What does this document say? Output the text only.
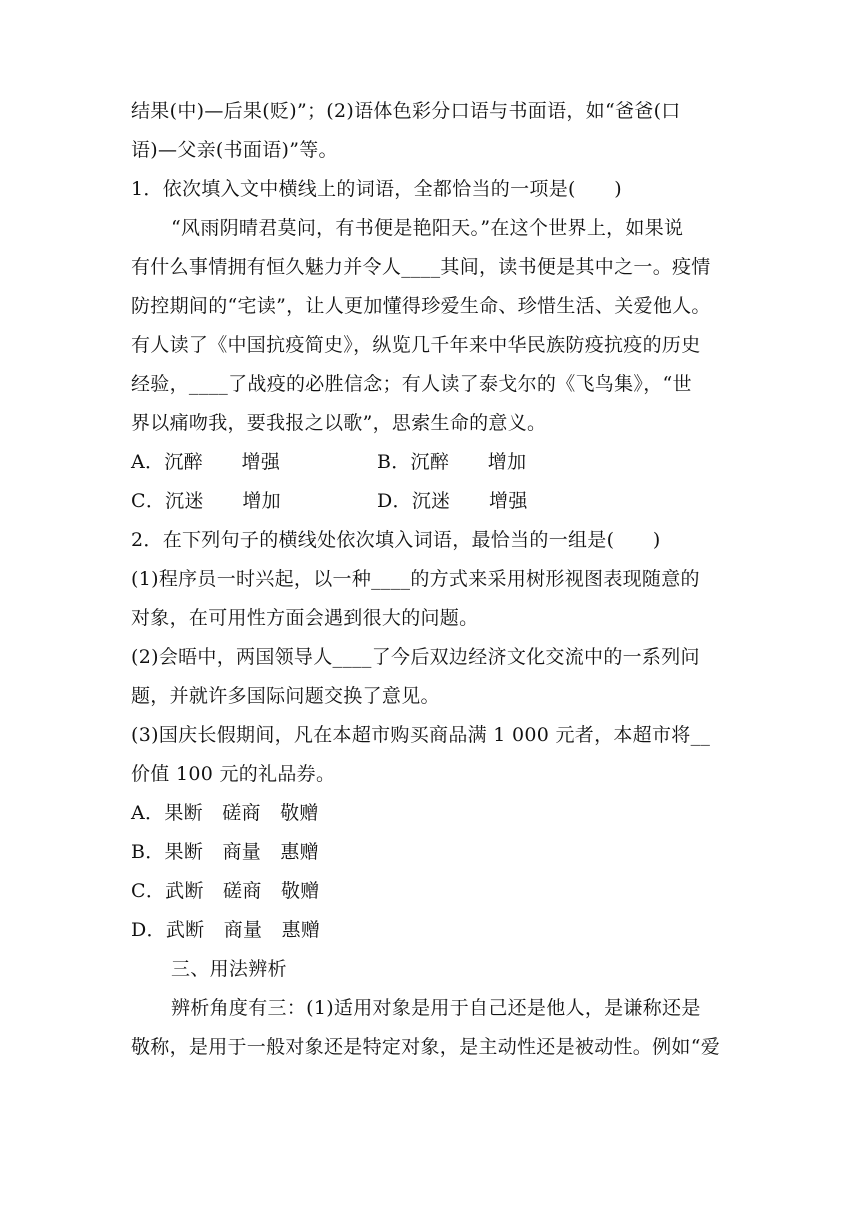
结果(中)—后果(贬)”；(2)语体色彩分口语与书面语，如“爸爸(口
语)—父亲(书面语)”等。
1．依次填入文中横线上的词语，全都恰当的一项是(　　)
“风雨阴晴君莫问，有书便是艳阳天。”在这个世界上，如果说
有什么事情拥有恒久魅力并令人____其间，读书便是其中之一。疫情
防控期间的“宅读”，让人更加懂得珍爱生命、珍惜生活、关爱他人。
有人读了《中国抗疫简史》，纵览几千年来中华民族防疫抗疫的历史
经验，____了战疫的必胜信念；有人读了泰戈尔的《飞鸟集》，“世
界以痛吻我，要我报之以歌”，思索生命的意义。
A．沉醉　　增强	B．沉醉　　增加
C．沉迷　　增加	D．沉迷　　增强
2．在下列句子的横线处依次填入词语，最恰当的一组是(　　)
(1)程序员一时兴起，以一种____的方式来采用树形视图表现随意的
对象，在可用性方面会遇到很大的问题。
(2)会晤中，两国领导人____了今后双边经济文化交流中的一系列问
题，并就许多国际问题交换了意见。
(3)国庆长假期间，凡在本超市购买商品满 1 000 元者，本超市将__
价值 100 元的礼品券。
A．果断　磋商　敬赠
B．果断　商量　惠赠
C．武断　磋商　敬赠
D．武断　商量　惠赠
三、用法辨析
辨析角度有三：(1)适用对象是用于自己还是他人，是谦称还是
敬称，是用于一般对象还是特定对象，是主动性还是被动性。例如“爱
